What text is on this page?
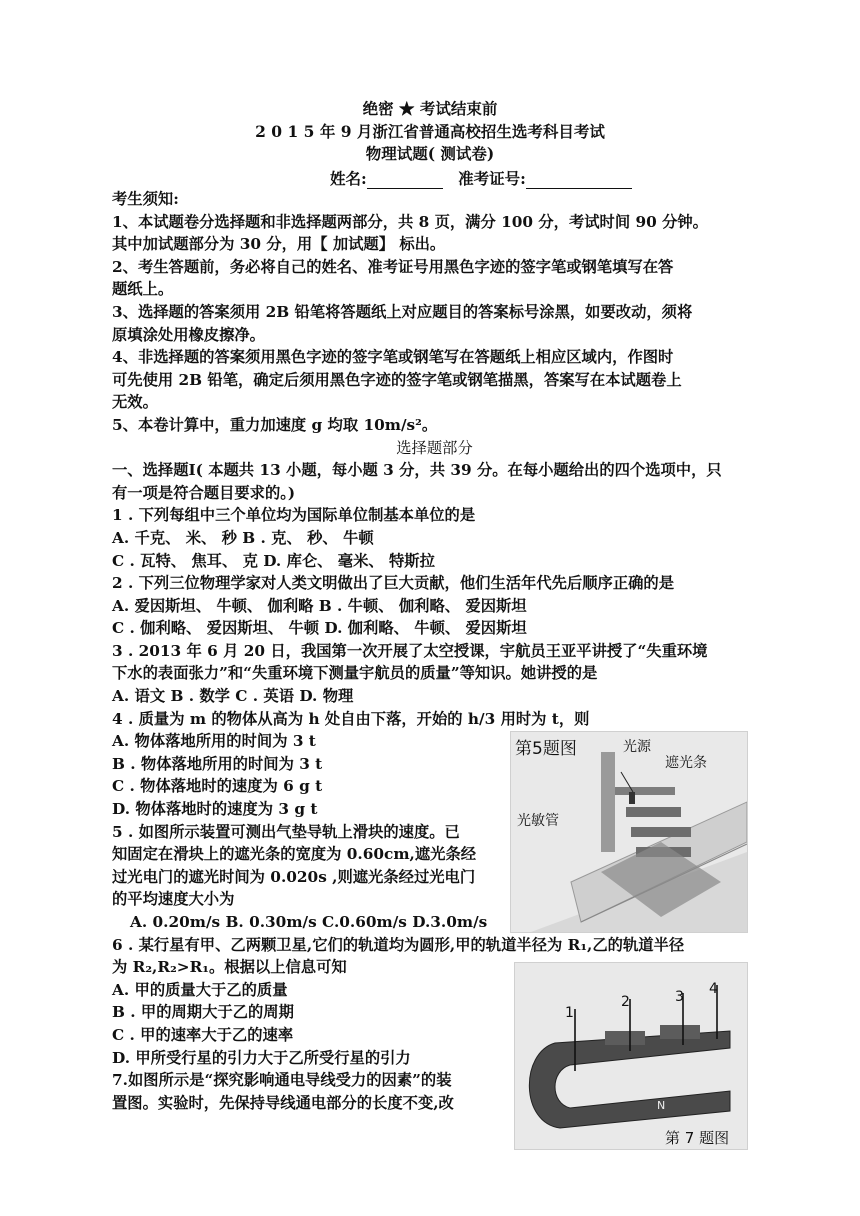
绝密 ★ 考试结束前
2 0 1 5 年 9 月浙江省普通高校招生选考科目考试
物理试题( 测试卷)
姓名:	准考证号:
考生须知:
1、本试题卷分选择题和非选择题两部分，共 8 页，满分 100 分，考试时间 90 分钟。
其中加试题部分为 30 分，用【 加试题】 标出。
2、考生答题前，务必将自己的姓名、准考证号用黑色字迹的签字笔或钢笔填写在答
题纸上。
3、选择题的答案须用 2B 铅笔将答题纸上对应题目的答案标号涂黑，如要改动，须将
原填涂处用橡皮擦净。
4、非选择题的答案须用黑色字迹的签字笔或钢笔写在答题纸上相应区域内，作图时
可先使用 2B 铅笔，确定后须用黑色字迹的签字笔或钢笔描黑，答案写在本试题卷上
无效。
5、本卷计算中，重力加速度 g 均取 10m/s²。
选择题部分
一、选择题Ⅰ( 本题共 13 小题，每小题 3 分，共 39 分。在每小题给出的四个选项中，只
有一项是符合题目要求的。)
1 . 下列每组中三个单位均为国际单位制基本单位的是
A. 千克、 米、 秒 B . 克、 秒、 牛顿
C . 瓦特、 焦耳、 克 D. 库仑、 毫米、 特斯拉
2 . 下列三位物理学家对人类文明做出了巨大贡献，他们生活年代先后顺序正确的是
A. 爱因斯坦、 牛顿、 伽利略 B . 牛顿、 伽利略、 爱因斯坦
C . 伽利略、 爱因斯坦、 牛顿 D. 伽利略、 牛顿、 爱因斯坦
3 . 2013 年 6 月 20 日，我国第一次开展了太空授课，宇航员王亚平讲授了“失重环境
下水的表面张力”和“失重环境下测量宇航员的质量”等知识。她讲授的是
A. 语文 B . 数学 C . 英语 D. 物理
4 . 质量为 m 的物体从高为 h 处自由下落，开始的 h/3 用时为 t，则
A. 物体落地所用的时间为 3 t
B . 物体落地所用的时间为 3 t
C . 物体落地时的速度为 6 g t
D. 物体落地时的速度为 3 g t
5 . 如图所示装置可测出气垫导轨上滑块的速度。已
知固定在滑块上的遮光条的宽度为 0.60cm,遮光条经
过光电门的遮光时间为 0.020s ,则遮光条经过光电门
的平均速度大小为
A. 0.20m/s B. 0.30m/s C.0.60m/s D.3.0m/s
6 . 某行星有甲、乙两颗卫星,它们的轨道均为圆形,甲的轨道半径为 R₁,乙的轨道半径
为 R₂,R₂>R₁。根据以上信息可知
A. 甲的质量大于乙的质量
B . 甲的周期大于乙的周期
C . 甲的速率大于乙的速率
D. 甲所受行星的引力大于乙所受行星的引力
7.如图所示是“探究影响通电导线受力的因素”的装
置图。实验时，先保持导线通电部分的长度不变,改
第5题图	光源
遮光条
光敏管
1
2	3 4
N
第 7 题图
